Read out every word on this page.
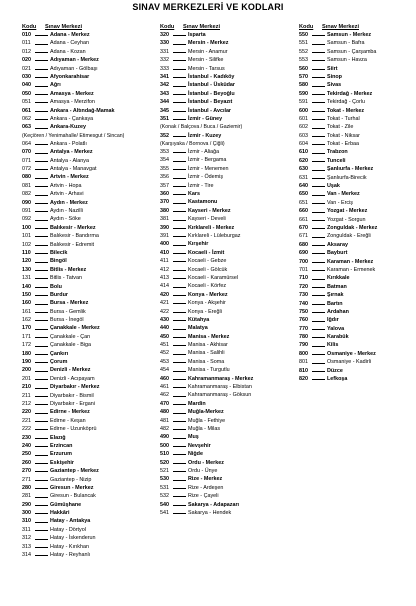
SINAV MERKEZLERİ VE KODLARI
Kodu	Sınav Merkezi
010	Adana - Merkez
011	Adana - Ceyhan
012	Adana - Kozan
020	Adıyaman - Merkez
021	Adıyaman - Gölbaşı
030	Afyonkarahisar
040	Ağrı
050	Amasya - Merkez
051	Amasya - Merzifon
061	Ankara - Altındağ-Mamak
062	Ankara - Çankaya
063	Ankara-Kuzey
(Keçiören / Yenimahalle/ Etimesgut / Sincan)
064	Ankara - Polatlı
070	Antalya - Merkez
071	Antalya - Alanya
072	Antalya - Manavgat
080	Artvin - Merkez
081	Artvin - Hopa
082	Artvin - Arhavi
090	Aydın - Merkez
091	Aydın - Nazilli
092	Aydın - Söke
100	Balıkesir - Merkez
101	Balıkesir - Bandırma
102	Balıkesir - Edremit
110	Bilecik
120	Bingöl
130	Bitlis - Merkez
131	Bitlis - Tatvan
140	Bolu
150	Burdur
160	Bursa - Merkez
161	Bursa - Gemlik
162	Bursa - İnegöl
170	Çanakkale - Merkez
171	Çanakkale - Çan
172	Çanakkale - Biga
180	Çankırı
190	Çorum
200	Denizli - Merkez
201	Denizli - Acıpayam
210	Diyarbakır - Merkez
211	Diyarbakır - Bismil
212	Diyarbakır - Ergani
220	Edirne - Merkez
221	Edirne - Keşan
222	Edirne - Uzunköprü
230	Elazığ
240	Erzincan
250	Erzurum
260	Eskişehir
270	Gaziantep - Merkez
271	Gaziantep - Nizip
280	Giresun - Merkez
281	Giresun - Bulancak
290	Gümüşhane
300	Hakkâri
310	Hatay - Antakya
311	Hatay - Dörtyol
312	Hatay - İskenderun
313	Hatay - Kırıkhan
314	Hatay - Reyhanlı
Kodu	Sınav Merkezi
320	Isparta
330	Mersin - Merkez
331	Mersin - Anamur
332	Mersin - Silifke
333	Mersin - Tarsus
341	İstanbul - Kadıköy
342	İstanbul - Üsküdar
343	İstanbul - Beyoğlu
344	İstanbul - Beyazıt
345	İstanbul - Avcılar
351	İzmir - Güney
(Konak / Balçova / Buca / Gaziemir)
352	İzmir - Kuzey
(Karşıyaka / Bornova / Çiğli)
353	İzmir - Aliağa
354	İzmir - Bergama
355	İzmir - Menemen
356	İzmir - Ödemiş
357	İzmir - Tire
360	Kars
370	Kastamonu
380	Kayseri - Merkez
381	Kayseri - Develi
390	Kırklareli - Merkez
391	Kırklareli - Lüleburgaz
400	Kırşehir
410	Kocaeli - İzmit
411	Kocaeli - Gebze
412	Kocaeli - Gölcük
413	Kocaeli - Karamürsel
414	Kocaeli - Körfez
420	Konya - Merkez
421	Konya - Akşehir
422	Konya - Ereğli
430	Kütahya
440	Malatya
450	Manisa - Merkez
451	Manisa - Akhisar
452	Manisa - Salihli
453	Manisa - Soma
454	Manisa - Turgutlu
460	Kahramanmaraş - Merkez
461	Kahramanmaraş - Elbistan
462	Kahramanmaraş - Göksun
470	Mardin
480	Muğla-Merkez
481	Muğla - Fethiye
482	Muğla - Milas
490	Muş
500	Nevşehir
510	Niğde
520	Ordu - Merkez
521	Ordu - Ünye
530	Rize - Merkez
531	Rize - Ardeşen
532	Rize - Çayeli
540	Sakarya - Adapazarı
541	Sakarya - Hendek
Kodu	Sınav Merkezi
550	Samsun - Merkez
551	Samsun - Bafra
552	Samsun - Çarşamba
553	Samsun - Havza
560	Siirt
570	Sinop
580	Sivas
590	Tekirdağ - Merkez
591	Tekirdağ - Çorlu
600	Tokat - Merkez
601	Tokat - Turhal
602	Tokat - Zile
603	Tokat - Niksar
604	Tokat - Erbaa
610	Trabzon
620	Tunceli
630	Şanlıurfa - Merkez
631	Şanlıurfa-Birecik
640	Uşak
650	Van - Merkez
651	Van - Erciş
660	Yozgat - Merkez
661	Yozgat - Sorgun
670	Zonguldak - Merkez
671	Zonguldak - Ereğli
680	Aksaray
690	Bayburt
700	Karaman - Merkez
701	Karaman - Ermenek
710	Kırıkkale
720	Batman
730	Şırnak
740	Bartın
750	Ardahan
760	Iğdır
770	Yalova
780	Karabük
790	Kilis
800	Osmaniye - Merkez
801	Osmaniye - Kadirli
810	Düzce
820	Lefkoşa
